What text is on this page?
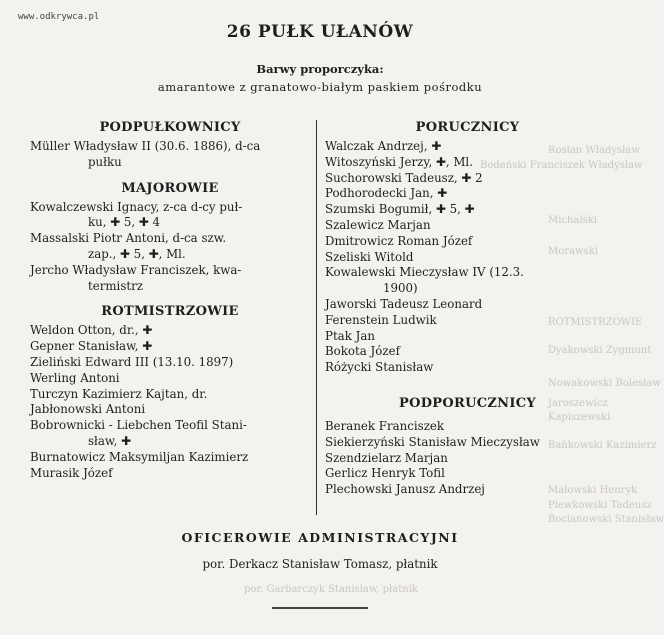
Roslan Władysław
Bodeński Franciszek Władysław
Michalski
Morawski
ROTMISTRZOWIE
Dyakowski Zygmunt
Nowakowski Bolesław
Jaroszewicz
Kapiszewski
Bańkowski Kazimierz
Małowski Henryk
Plewkowski Tadeusz
Bocianowski Stanisław
por. Garbarczyk Stanisław, płatnik
www.odkrywca.pl
26 PUŁK UŁANÓW
Barwy proporczyka:
amarantowe z granatowo-białym paskiem pośrodku
PODPUŁKOWNICY
Müller Władysław II (30.6. 1886), d-ca
pułku
MAJOROWIE
Kowalczewski Ignacy, z-ca d-cy puł-
ku, ✚ 5, ✚ 4
Massalski Piotr Antoni, d-ca szw.
zap., ✚ 5, ✚, Ml.
Jercho Władysław Franciszek, kwa-
termistrz
ROTMISTRZOWIE
Weldon Otton, dr., ✚
Gepner Stanisław, ✚
Zieliński Edward III (13.10. 1897)
Werling Antoni
Turczyn Kazimierz Kajtan, dr.
Jabłonowski Antoni
Bobrownicki - Liebchen Teofil Stani-
sław, ✚
Burnatowicz Maksymiljan Kazimierz
Murasik Józef
PORUCZNICY
Walczak Andrzej, ✚
Witoszyński Jerzy, ✚, Ml.
Suchorowski Tadeusz, ✚ 2
Podhorodecki Jan, ✚
Szumski Bogumił, ✚ 5, ✚
Szalewicz Marjan
Dmitrowicz Roman Józef
Szeliski Witold
Kowalewski Mieczysław IV (12.3.
1900)
Jaworski Tadeusz Leonard
Ferenstein Ludwik
Ptak Jan
Bokota Józef
Różycki Stanisław
PODPORUCZNICY
Beranek Franciszek
Siekierzyński Stanisław Mieczysław
Szendzielarz Marjan
Gerlicz Henryk Tofil
Plechowski Janusz Andrzej
OFICEROWIE ADMINISTRACYJNI
por. Derkacz Stanisław Tomasz, płatnik
